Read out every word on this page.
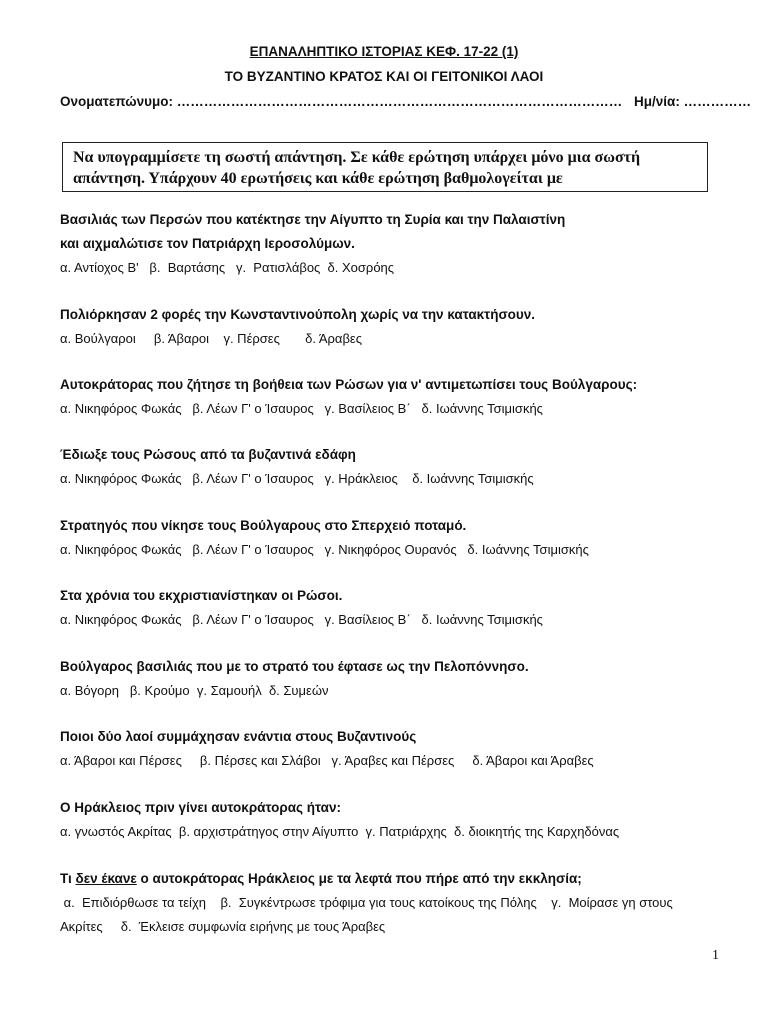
ΕΠΑΝΑΛΗΠΤΙΚΟ ΙΣΤΟΡΙΑΣ ΚΕΦ. 17-22 (1)
ΤΟ ΒΥΖΑΝΤΙΝΟ ΚΡΑΤΟΣ ΚΑΙ ΟΙ ΓΕΙΤΟΝΙΚΟΙ ΛΑΟΙ
Ονοματεπώνυμο: ……………………………………………………………………………………… Ημ/νία: ……………
Να υπογραμμίσετε τη σωστή απάντηση. Σε κάθε ερώτηση υπάρχει μόνο μια σωστή απάντηση. Υπάρχουν 40 ερωτήσεις και κάθε ερώτηση βαθμολογείται με
Βασιλιάς των Περσών που κατέκτησε την Αίγυπτο τη Συρία και την Παλαιστίνη
και αιχμαλώτισε τον Πατριάρχη Ιεροσολύμων.
α. Αντίοχος Β'   β.  Βαρτάσης   γ.  Ρατισλάβος  δ. Χοσρόης
Πολιόρκησαν 2 φορές την Κωνσταντινούπολη χωρίς να την κατακτήσουν.
α. Βούλγαροι     β. Άβαροι    γ. Πέρσες       δ. Άραβες
Αυτοκράτορας που ζήτησε τη βοήθεια των Ρώσων για ν' αντιμετωπίσει τους Βούλγαρους:
α. Νικηφόρος Φωκάς   β. Λέων Γ' ο Ίσαυρος   γ. Βασίλειος Β΄   δ. Ιωάννης Τσιμισκής
Έδιωξε τους Ρώσους από τα βυζαντινά εδάφη
α. Νικηφόρος Φωκάς   β. Λέων Γ' ο Ίσαυρος   γ. Ηράκλειος    δ. Ιωάννης Τσιμισκής
Στρατηγός που νίκησε τους Βούλγαρους στο Σπερχειό ποταμό.
α. Νικηφόρος Φωκάς   β. Λέων Γ' ο Ίσαυρος   γ. Νικηφόρος Ουρανός   δ. Ιωάννης Τσιμισκής
Στα χρόνια του εκχριστιανίστηκαν οι Ρώσοι.
α. Νικηφόρος Φωκάς   β. Λέων Γ' ο Ίσαυρος   γ. Βασίλειος Β΄   δ. Ιωάννης Τσιμισκής
Βούλγαρος βασιλιάς που με το στρατό του έφτασε ως την Πελοπόννησο.
α. Βόγορη   β. Κρούμο  γ. Σαμουήλ  δ. Συμεών
Ποιοι δύο λαοί συμμάχησαν ενάντια στους Βυζαντινούς
α. Άβαροι και Πέρσες     β. Πέρσες και Σλάβοι   γ. Άραβες και Πέρσες     δ. Άβαροι και Άραβες
Ο Ηράκλειος πριν γίνει αυτοκράτορας ήταν:
α. γνωστός Ακρίτας  β. αρχιστράτηγος στην Αίγυπτο  γ. Πατριάρχης  δ. διοικητής της Καρχηδόνας
Τι δεν έκανε ο αυτοκράτορας Ηράκλειος με τα λεφτά που πήρε από την εκκλησία;
α.  Επιδιόρθωσε τα τείχη    β.  Συγκέντρωσε τρόφιμα για τους κατοίκους της Πόλης    γ.  Μοίρασε γη στους
Ακρίτες     δ.  Έκλεισε συμφωνία ειρήνης με τους Άραβες
1
